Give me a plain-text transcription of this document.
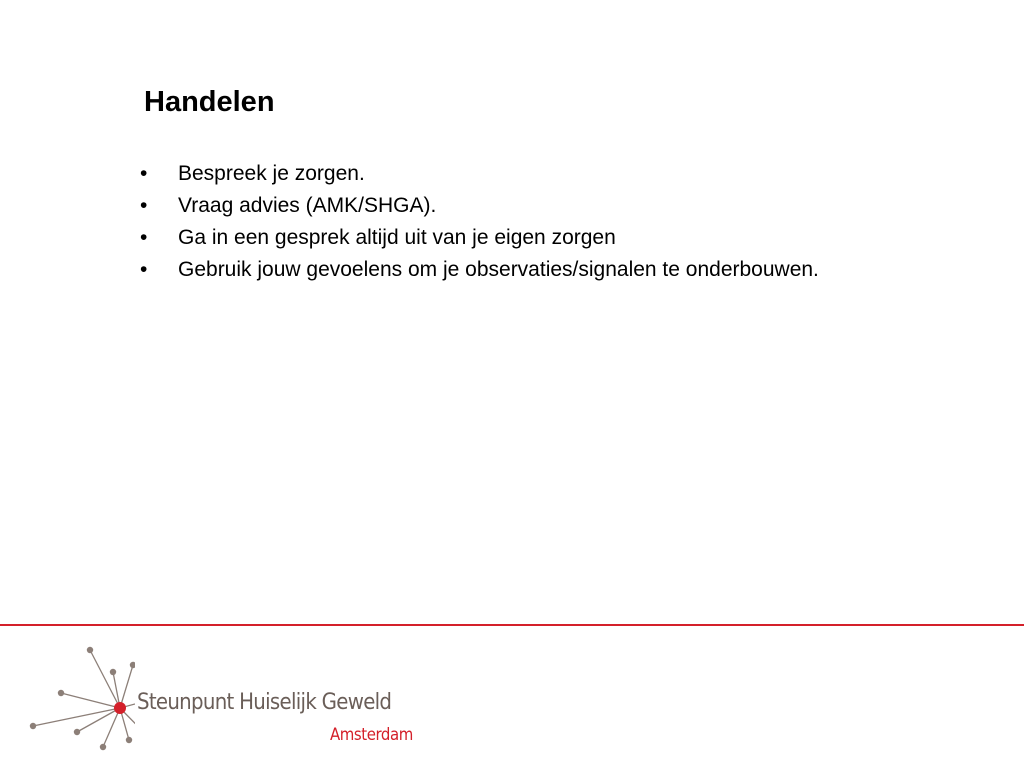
Handelen
• Bespreek je zorgen.
• Vraag advies (AMK/SHGA).
• Ga in een gesprek altijd uit van je eigen zorgen
• Gebruik jouw gevoelens om je observaties/signalen te onderbouwen.
Steunpunt Huiselijk Geweld
Amsterdam
